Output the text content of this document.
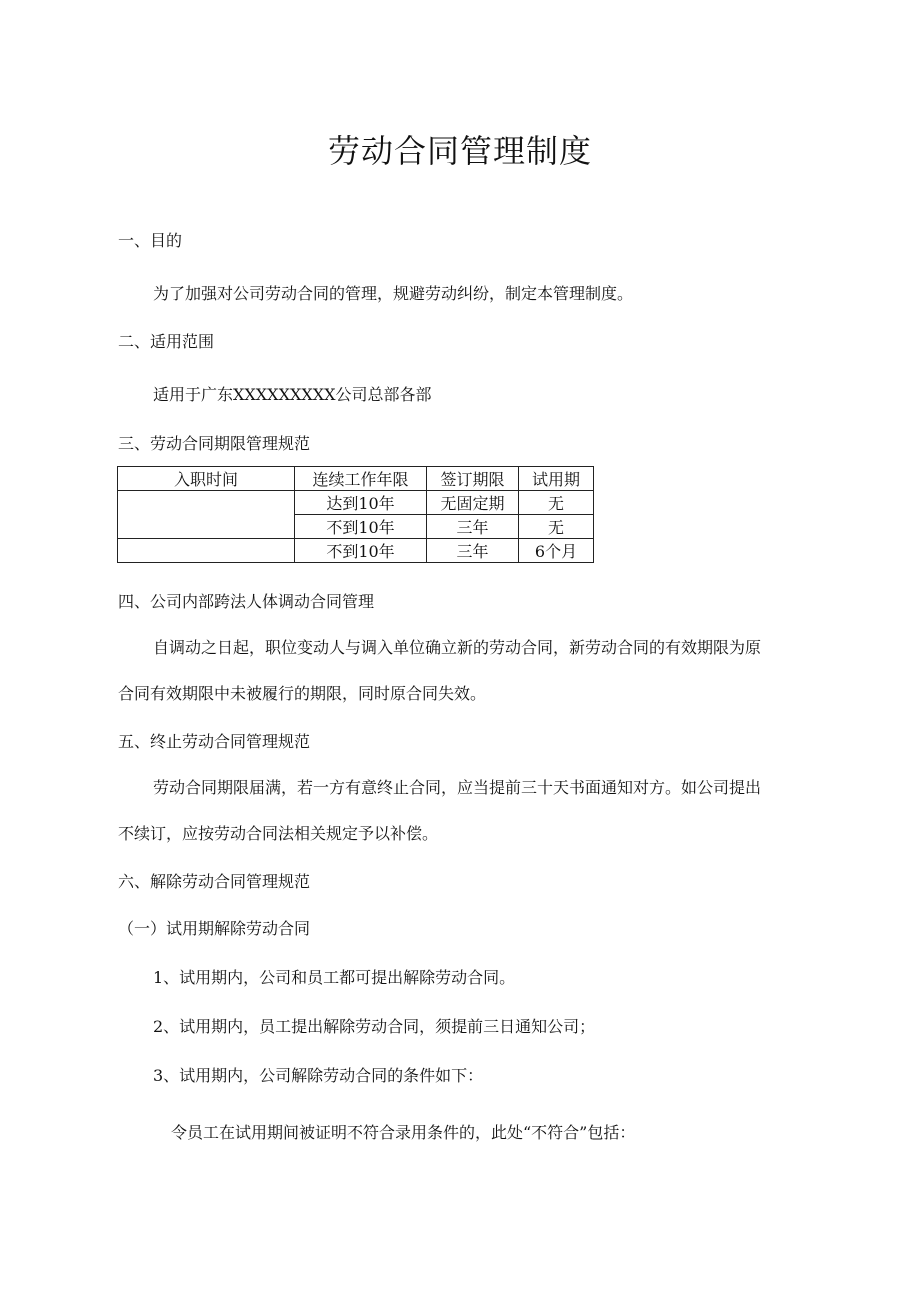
劳动合同管理制度
一、目的
为了加强对公司劳动合同的管理，规避劳动纠纷，制定本管理制度。
二、适用范围
适用于广东XXXXXXXXX公司总部各部
三、劳动合同期限管理规范
入职时间	连续工作年限	签订期限	试用期
	达到10年	无固定期	无
	不到10年	三年	无
	不到10年	三年	6个月
四、公司内部跨法人体调动合同管理
自调动之日起，职位变动人与调入单位确立新的劳动合同，新劳动合同的有效期限为原
合同有效期限中未被履行的期限，同时原合同失效。
五、终止劳动合同管理规范
劳动合同期限届满，若一方有意终止合同，应当提前三十天书面通知对方。如公司提出
不续订，应按劳动合同法相关规定予以补偿。
六、解除劳动合同管理规范
（一）试用期解除劳动合同
1、试用期内，公司和员工都可提出解除劳动合同。
2、试用期内，员工提出解除劳动合同，须提前三日通知公司；
3、试用期内，公司解除劳动合同的条件如下：
令员工在试用期间被证明不符合录用条件的，此处“不符合”包括：
